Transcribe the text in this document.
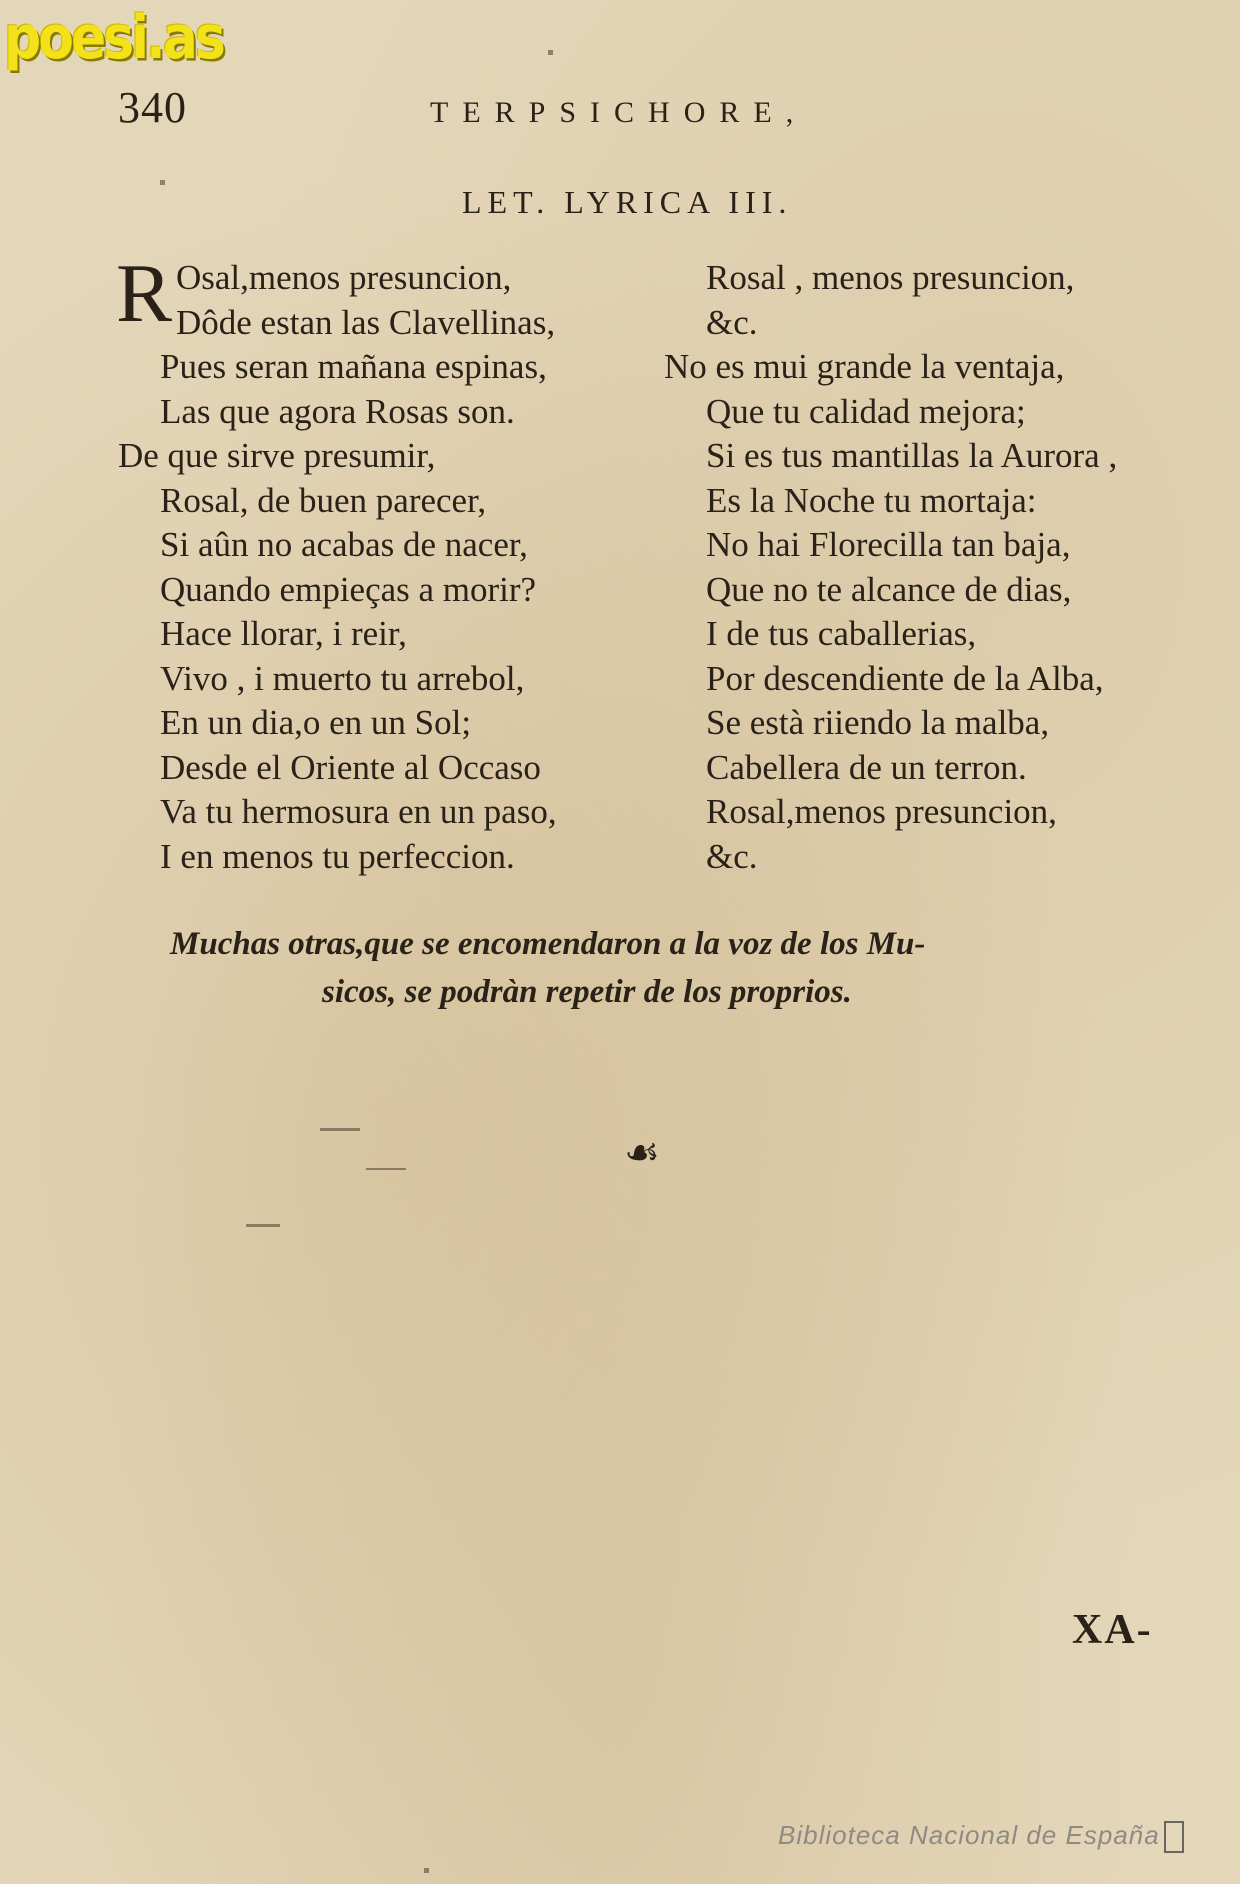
poesi.as
340	TERPSICHORE,
LET. LYRICA III.
R Osal,menos presuncion,
Dôde estan las Clavellinas,
Pues seran mañana espinas,
Las que agora Rosas son.
De que sirve presumir,
Rosal, de buen parecer,
Si aûn no acabas de nacer,
Quando empieças a morir?
Hace llorar, i reir,
Vivo , i muerto tu arrebol,
En un dia,o en un Sol;
Desde el Oriente al Occaso
Va tu hermosura en un paso,
I en menos tu perfeccion.
Rosal , menos presuncion,
&c.
No es mui grande la ventaja,
Que tu calidad mejora;
Si es tus mantillas la Aurora ,
Es la Noche tu mortaja:
No hai Florecilla tan baja,
Que no te alcance de dias,
I de tus caballerias,
Por descendiente de la Alba,
Se està riiendo la malba,
Cabellera de un terron.
Rosal,menos presuncion,
&c.
Muchas otras,que se encomendaron a la voz de los Mu-
sicos, se podràn repetir de los proprios.
☙
XA-
Biblioteca Nacional de España
